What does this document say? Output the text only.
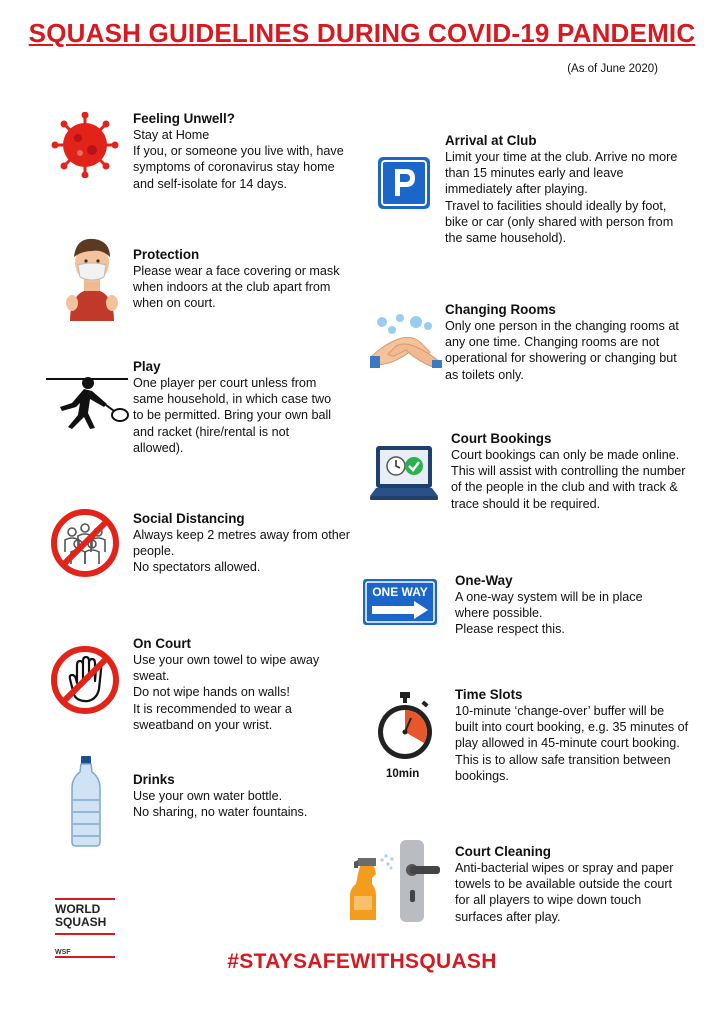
SQUASH GUIDELINES DURING COVID-19 PANDEMIC
(As of June 2020)
Feeling Unwell?

Stay at Home

If you, or someone you live with, have symptoms of coronavirus stay home and self-isolate for 14 days.

Protection

Please wear a face covering or mask when indoors at the club apart from when on court.

Play

One player per court unless from same household, in which case two to be permitted. Bring your own ball and racket (hire/rental is not allowed).

Social Distancing

Always keep 2 metres away from other people.

No spectators allowed.

On Court

Use your own towel to wipe away sweat.

Do not wipe hands on walls!

It is recommended to wear a sweatband on your wrist.

Drinks

Use your own water bottle.

No sharing, no water fountains.

Arrival at Club

Limit your time at the club. Arrive no more than 15 minutes early and leave immediately after playing.

Travel to facilities should ideally by foot, bike or car (only shared with person from the same household).

Changing Rooms

Only one person in the changing rooms at any one time. Changing rooms are not operational for showering or changing but as toilets only.

Court Bookings

Court bookings can only be made online. This will assist with controlling the number of the people in the club and with track & trace should it be required.

ONE WAY
One-Way

A one-way system will be in place where possible.

Please respect this.

10min
Time Slots

10-minute ‘change-over’ buffer will be built into court booking, e.g. 35 minutes of play allowed in 45-minute court booking. This is to allow safe transition between bookings.

Court Cleaning

Anti-bacterial wipes or spray and paper towels to be available outside the court for all players to wipe down touch surfaces after play.

WORLD
SQUASH
WSF	#STAYSAFEWITHSQUASH
